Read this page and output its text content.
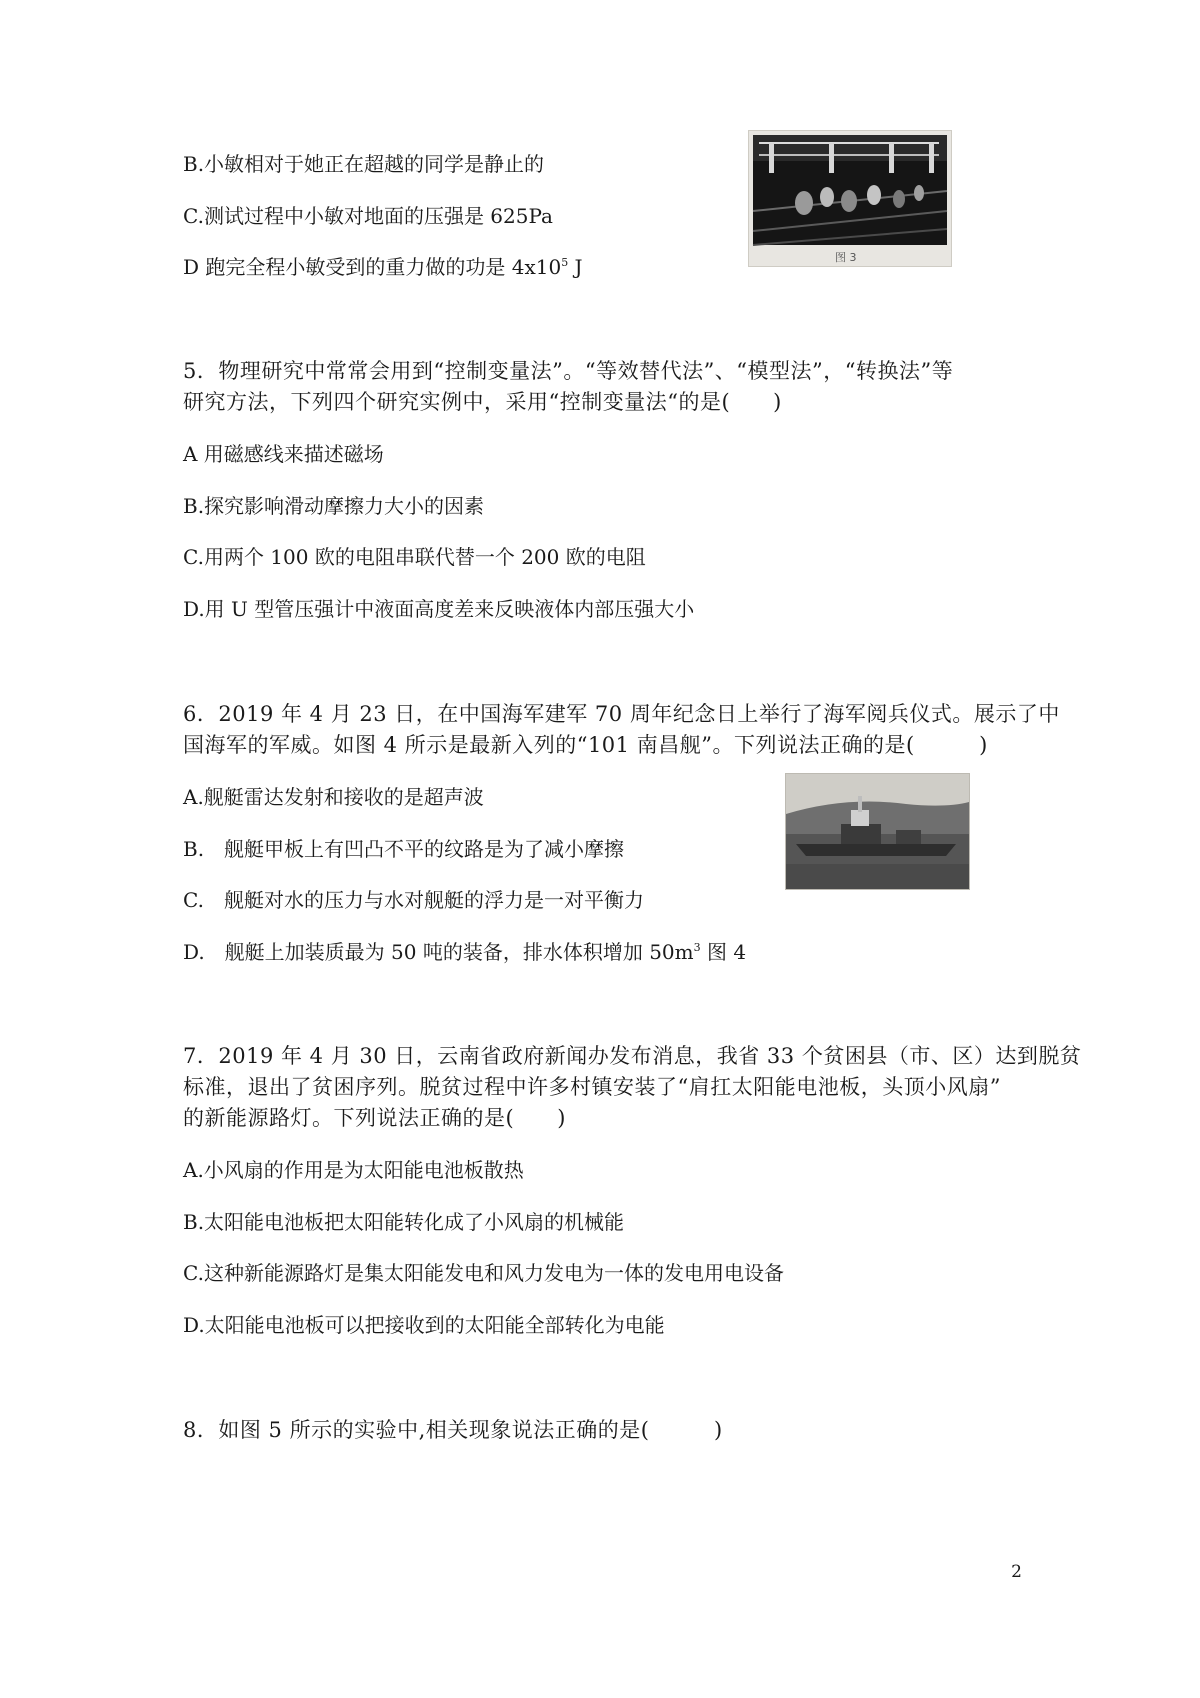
B.小敏相对于她正在超越的同学是静止的
C.测试过程中小敏对地面的压强是 625Pa
D 跑完全程小敏受到的重力做的功是 $4x10^5$ J	图 3
5．物理研究中常常会用到“控制变量法”。“等效替代法”、“模型法”，“转换法”等
研究方法，下列四个研究实例中，采用“控制变量法“的是(　　)
A 用磁感线来描述磁场
B.探究影响滑动摩擦力大小的因素
C.用两个 100 欧的电阻串联代替一个 200 欧的电阻
D.用 U 型管压强计中液面高度差来反映液体内部压强大小
6．2019 年 4 月 23 日，在中国海军建军 70 周年纪念日上举行了海军阅兵仪式。展示了中
国海军的军威。如图 4 所示是最新入列的“101 南昌舰”。下列说法正确的是(　　　)
A.舰艇雷达发射和接收的是超声波
B.　舰艇甲板上有凹凸不平的纹路是为了减小摩擦
C.　舰艇对水的压力与水对舰艇的浮力是一对平衡力
D.　舰艇上加装质最为 50 吨的装备，排水体积增加 $50m^3$ 图 4
7．2019 年 4 月 30 日，云南省政府新闻办发布消息，我省 33 个贫困县（市、区）达到脱贫
标准，退出了贫困序列。脱贫过程中许多村镇安装了“肩扛太阳能电池板，头顶小风扇”
的新能源路灯。下列说法正确的是(　　)
A.小风扇的作用是为太阳能电池板散热
B.太阳能电池板把太阳能转化成了小风扇的机械能
C.这种新能源路灯是集太阳能发电和风力发电为一体的发电用电设备
D.太阳能电池板可以把接收到的太阳能全部转化为电能
8．如图 5 所示的实验中,相关现象说法正确的是(　　　)
2
